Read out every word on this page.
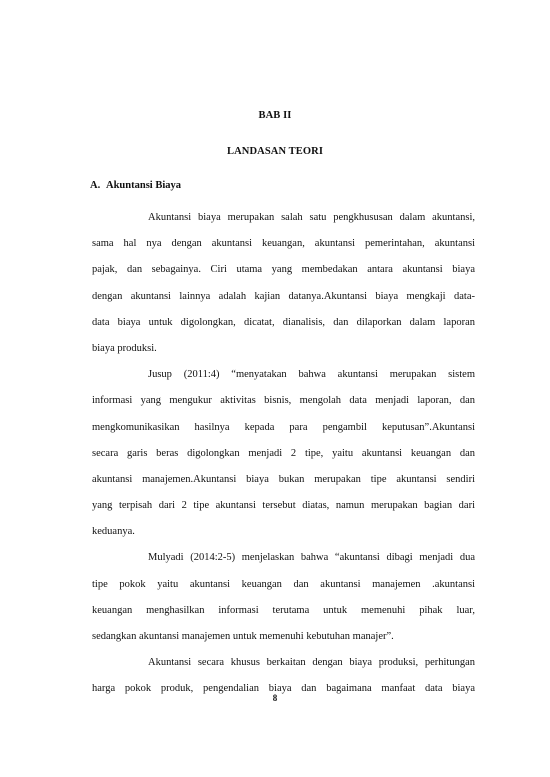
BAB II
LANDASAN TEORI
A. Akuntansi Biaya
Akuntansi biaya merupakan salah satu pengkhususan dalam akuntansi,
sama hal nya dengan akuntansi keuangan, akuntansi pemerintahan, akuntansi
pajak, dan sebagainya. Ciri utama yang membedakan antara akuntansi biaya
dengan akuntansi lainnya adalah kajian datanya.Akuntansi biaya mengkaji data-
data biaya untuk digolongkan, dicatat, dianalisis, dan dilaporkan dalam laporan
biaya produksi.
Jusup (2011:4) “menyatakan bahwa akuntansi merupakan sistem
informasi yang mengukur aktivitas bisnis, mengolah data menjadi laporan, dan
mengkomunikasikan hasilnya kepada para pengambil keputusan”.Akuntansi
secara garis beras digolongkan menjadi 2 tipe, yaitu akuntansi keuangan dan
akuntansi manajemen.Akuntansi biaya bukan merupakan tipe akuntansi sendiri
yang terpisah dari 2 tipe akuntansi tersebut diatas, namun merupakan bagian dari
keduanya.
Mulyadi (2014:2-5) menjelaskan bahwa “akuntansi dibagi menjadi dua
tipe pokok yaitu akuntansi keuangan dan akuntansi manajemen .akuntansi
keuangan menghasilkan informasi terutama untuk memenuhi pihak luar,
sedangkan akuntansi manajemen untuk memenuhi kebutuhan manajer”.
Akuntansi secara khusus berkaitan dengan biaya produksi, perhitungan
harga pokok produk, pengendalian biaya dan bagaimana manfaat data biaya
8
